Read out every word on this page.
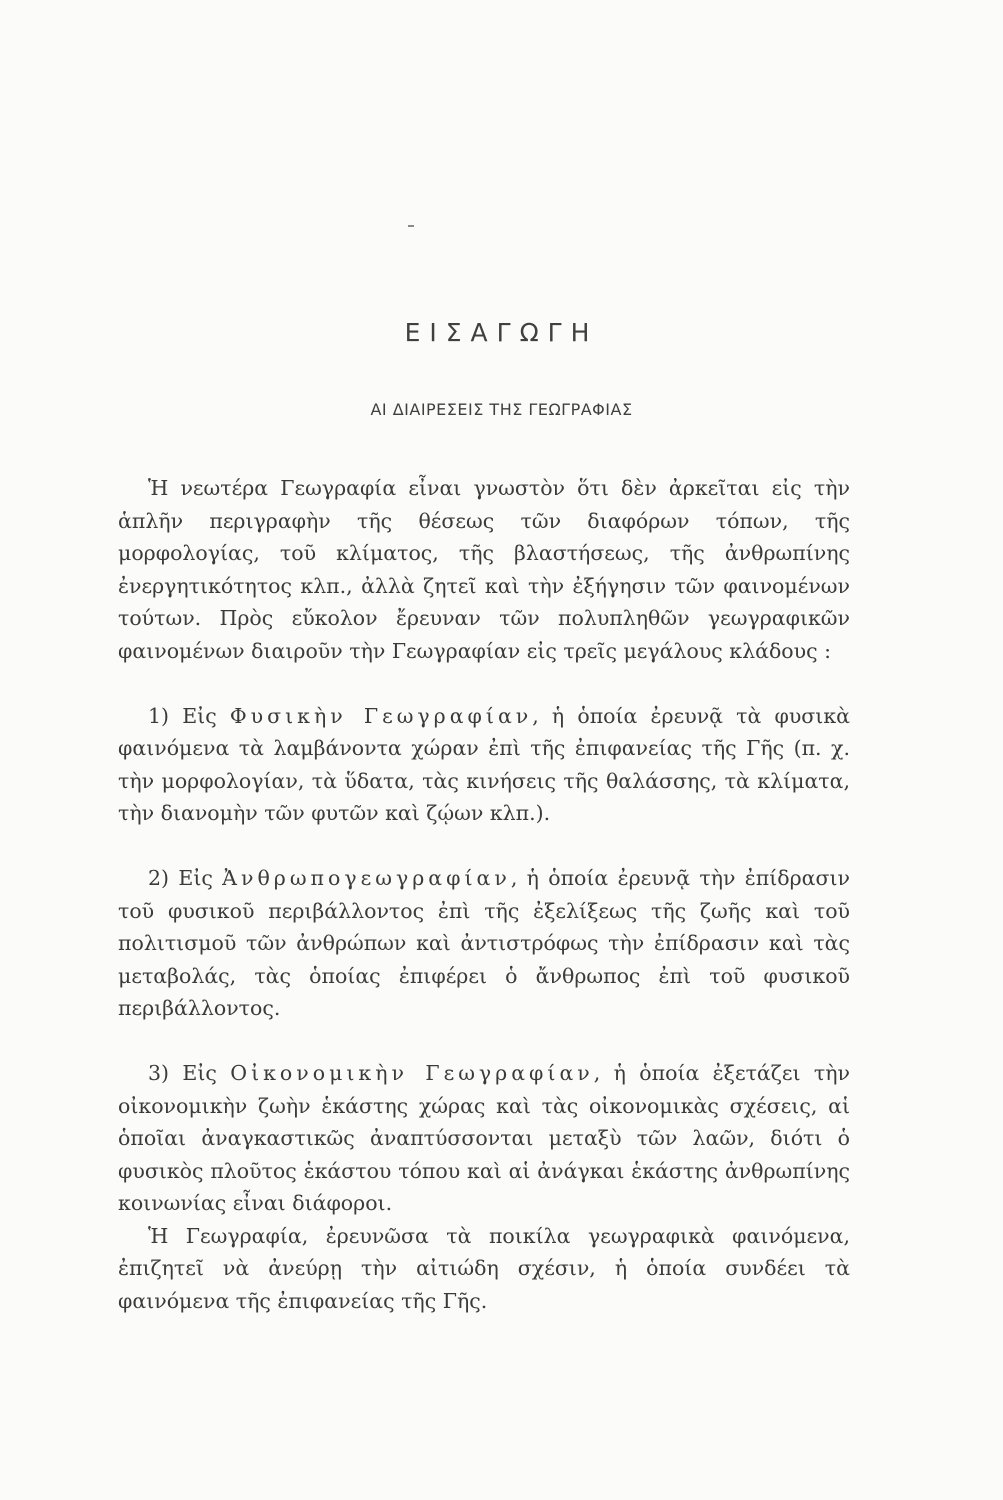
ΕΙΣΑΓΩΓΗ
ΑΙ ΔΙΑΙΡΕΣΕΙΣ ΤΗΣ ΓΕΩΓΡΑΦΙΑΣ

Ἡ νεωτέρα Γεωγραφία εἶναι γνωστὸν ὅτι δὲν ἀρκεῖται εἰς τὴν ἁπλῆν περιγραφὴν τῆς θέσεως τῶν διαφόρων τόπων, τῆς μορφολογίας, τοῦ κλίματος, τῆς βλαστήσεως, τῆς ἀνθρωπίνης ἐνεργητικότητος κλπ., ἀλλὰ ζητεῖ καὶ τὴν ἐξήγησιν τῶν φαινομένων τούτων. Πρὸς εὔκολον ἔρευναν τῶν πολυπληθῶν γεωγραφικῶν φαινομένων διαιροῦν τὴν Γεωγραφίαν εἰς τρεῖς μεγάλους κλάδους :

1) Εἰς Φυσικὴν Γεωγραφίαν, ἡ ὁποία ἐρευνᾷ τὰ φυσικὰ φαινόμενα τὰ λαμβάνοντα χώραν ἐπὶ τῆς ἐπιφανείας τῆς Γῆς (π. χ. τὴν μορφολογίαν, τὰ ὕδατα, τὰς κινήσεις τῆς θαλάσσης, τὰ κλίματα, τὴν διανομὴν τῶν φυτῶν καὶ ζῴων κλπ.).

2) Εἰς Ἀνθρωπογεωγραφίαν, ἡ ὁποία ἐρευνᾷ τὴν ἐπίδρασιν τοῦ φυσικοῦ περιβάλλοντος ἐπὶ τῆς ἐξελίξεως τῆς ζωῆς καὶ τοῦ πολιτισμοῦ τῶν ἀνθρώπων καὶ ἀντιστρόφως τὴν ἐπίδρασιν καὶ τὰς μεταβολάς, τὰς ὁποίας ἐπιφέρει ὁ ἄνθρωπος ἐπὶ τοῦ φυσικοῦ περιβάλλοντος.

3) Εἰς Οἰκονομικὴν Γεωγραφίαν, ἡ ὁποία ἐξετάζει τὴν οἰκονομικὴν ζωὴν ἑκάστης χώρας καὶ τὰς οἰκονομικὰς σχέσεις, αἱ ὁποῖαι ἀναγκαστικῶς ἀναπτύσσονται μεταξὺ τῶν λαῶν, διότι ὁ φυσικὸς πλοῦτος ἑκάστου τόπου καὶ αἱ ἀνάγκαι ἑκάστης ἀνθρωπίνης κοινωνίας εἶναι διάφοροι.

Ἡ Γεωγραφία, ἐρευνῶσα τὰ ποικίλα γεωγραφικὰ φαινόμενα, ἐπιζητεῖ νὰ ἀνεύρῃ τὴν αἰτιώδη σχέσιν, ἡ ὁποία συνδέει τὰ φαινόμενα τῆς ἐπιφανείας τῆς Γῆς.
